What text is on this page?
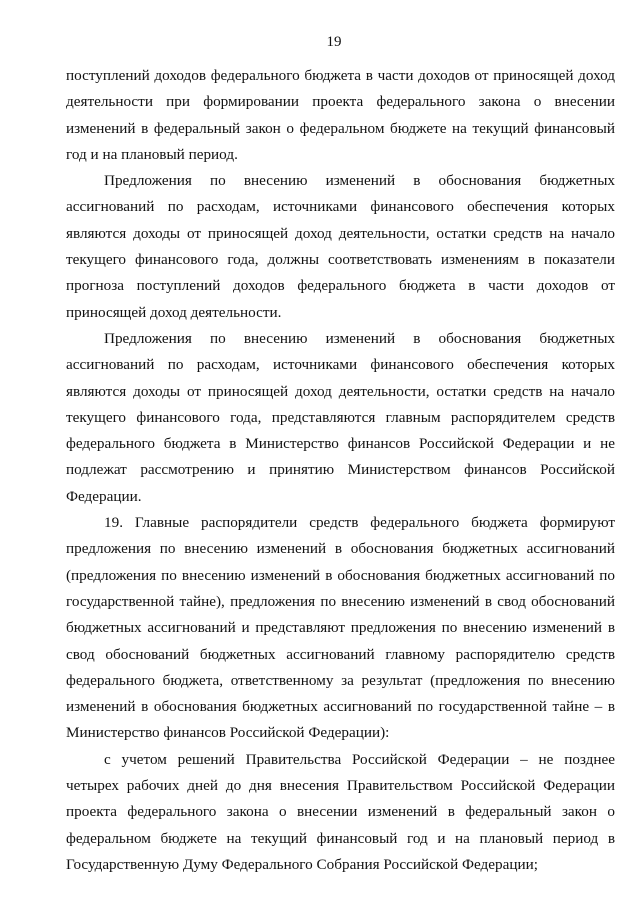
19

поступлений доходов федерального бюджета в части доходов от приносящей доход деятельности при формировании проекта федерального закона о внесении изменений в федеральный закон о федеральном бюджете на текущий финансовый год и на плановый период.

Предложения по внесению изменений в обоснования бюджетных ассигнований по расходам, источниками финансового обеспечения которых являются доходы от приносящей доход деятельности, остатки средств на начало текущего финансового года, должны соответствовать изменениям в показатели прогноза поступлений доходов федерального бюджета в части доходов от приносящей доход деятельности.

Предложения по внесению изменений в обоснования бюджетных ассигнований по расходам, источниками финансового обеспечения которых являются доходы от приносящей доход деятельности, остатки средств на начало текущего финансового года, представляются главным распорядителем средств федерального бюджета в Министерство финансов Российской Федерации и не подлежат рассмотрению и принятию Министерством финансов Российской Федерации.

19. Главные распорядители средств федерального бюджета формируют предложения по внесению изменений в обоснования бюджетных ассигнований (предложения по внесению изменений в обоснования бюджетных ассигнований по государственной тайне), предложения по внесению изменений в свод обоснований бюджетных ассигнований и представляют предложения по внесению изменений в свод обоснований бюджетных ассигнований главному распорядителю средств федерального бюджета, ответственному за результат (предложения по внесению изменений в обоснования бюджетных ассигнований по государственной тайне – в Министерство финансов Российской Федерации):

с учетом решений Правительства Российской Федерации – не позднее четырех рабочих дней до дня внесения Правительством Российской Федерации проекта федерального закона о внесении изменений в федеральный закон о федеральном бюджете на текущий финансовый год и на плановый период в Государственную Думу Федерального Собрания Российской Федерации;
